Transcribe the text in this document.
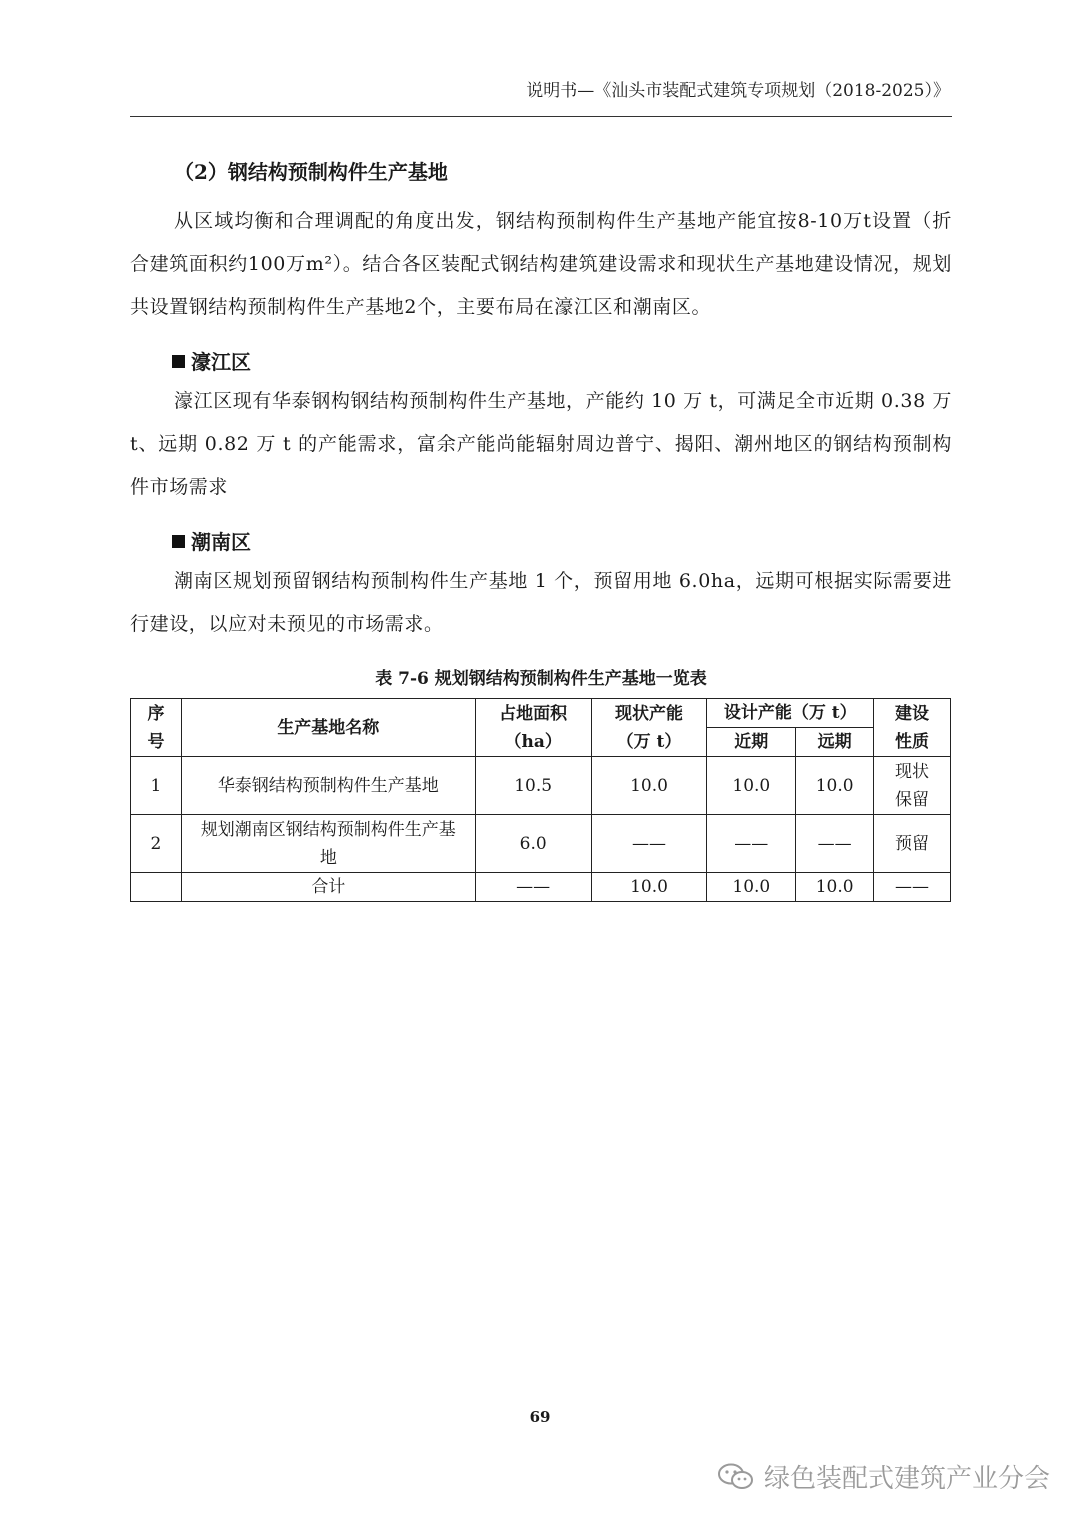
说明书—《汕头市装配式建筑专项规划（2018-2025）》
（2）钢结构预制构件生产基地

从区域均衡和合理调配的角度出发，钢结构预制构件生产基地产能宜按8-10万t设置（折合建筑面积约100万m²）。结合各区装配式钢结构建筑建设需求和现状生产基地建设情况，规划共设置钢结构预制构件生产基地2个，主要布局在濠江区和潮南区。

濠江区

濠江区现有华泰钢构钢结构预制构件生产基地，产能约 10 万 t，可满足全市近期 0.38 万 t、远期 0.82 万 t 的产能需求，富余产能尚能辐射周边普宁、揭阳、潮州地区的钢结构预制构件市场需求

潮南区

潮南区规划预留钢结构预制构件生产基地 1 个，预留用地 6.0ha，远期可根据实际需要进行建设，以应对未预见的市场需求。

表 7-6 规划钢结构预制构件生产基地一览表
序号	生产基地名称	占地面积（ha）	现状产能（万 t）	设计产能（万 t）		建设性质
				近期	远期	
1	华泰钢结构预制构件生产基地	10.5	10.0	10.0	10.0	现状保留
2	规划潮南区钢结构预制构件生产基地	6.0	——	——	——	预留
	合计	——	10.0	10.0	10.0	——
69
绿色装配式建筑产业分会
